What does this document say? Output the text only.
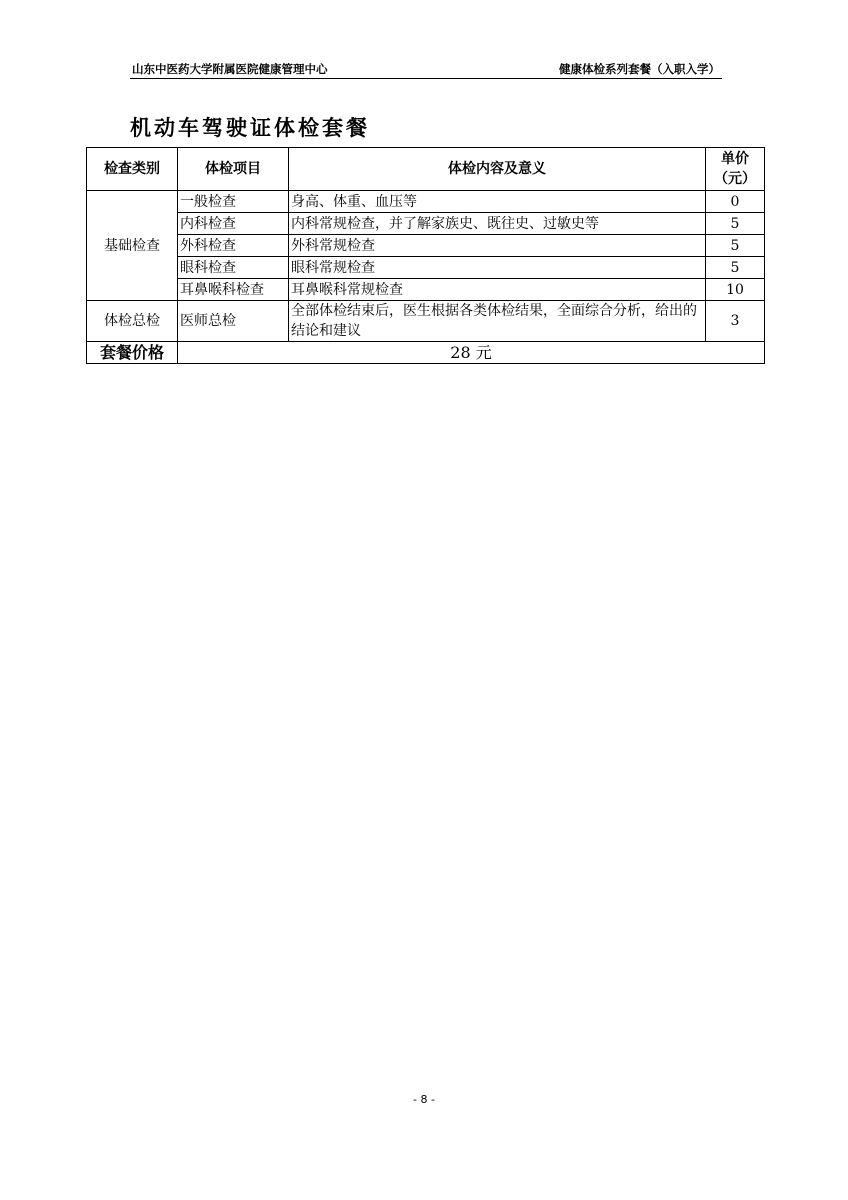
山东中医药大学附属医院健康管理中心	健康体检系列套餐（入职入学）
机动车驾驶证体检套餐
检查类别	体检项目	体检内容及意义	单价
（元）

基础检查	一般检查	身高、体重、血压等	0
	内科检查	内科常规检查，并了解家族史、既往史、过敏史等	5
	外科检查	外科常规检查	5
	眼科检查	眼科常规检查	5
	耳鼻喉科检查	耳鼻喉科常规检查	10
体检总检	医师总检	全部体检结束后，医生根据各类体检结果，全面综合分析，给出的结论和建议	3
套餐价格	28 元		
- 8 -
